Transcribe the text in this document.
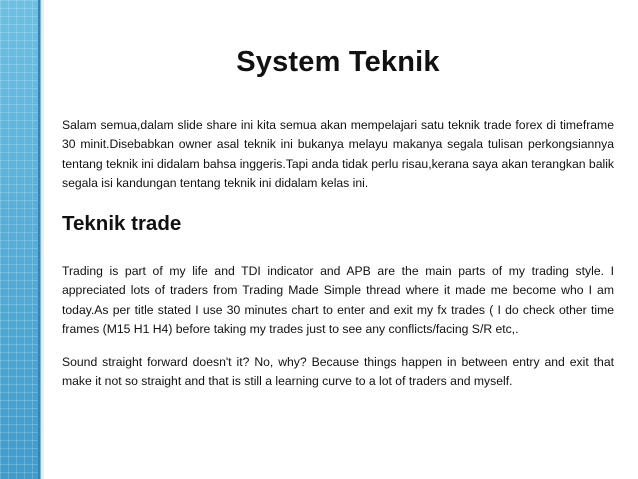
System Teknik

Salam semua,dalam slide share ini kita semua akan mempelajari satu teknik trade forex di timeframe 30 minit.Disebabkan owner asal teknik ini bukanya melayu makanya segala tulisan perkongsiannya tentang teknik ini didalam bahsa inggeris.Tapi anda tidak perlu risau,kerana saya akan terangkan balik segala isi kandungan tentang teknik ini didalam kelas ini.

Teknik trade

Trading is part of my life and TDI indicator and APB are the main parts of my trading style. I appreciated lots of traders from Trading Made Simple thread where it made me become who I am today.As per title stated I use 30 minutes chart to enter and exit my fx trades ( I do check other time frames (M15 H1 H4) before taking my trades just to see any conflicts/facing S/R etc,.

Sound straight forward doesn't it? No, why? Because things happen in between entry and exit that make it not so straight and that is still a learning curve to a lot of traders and myself.
